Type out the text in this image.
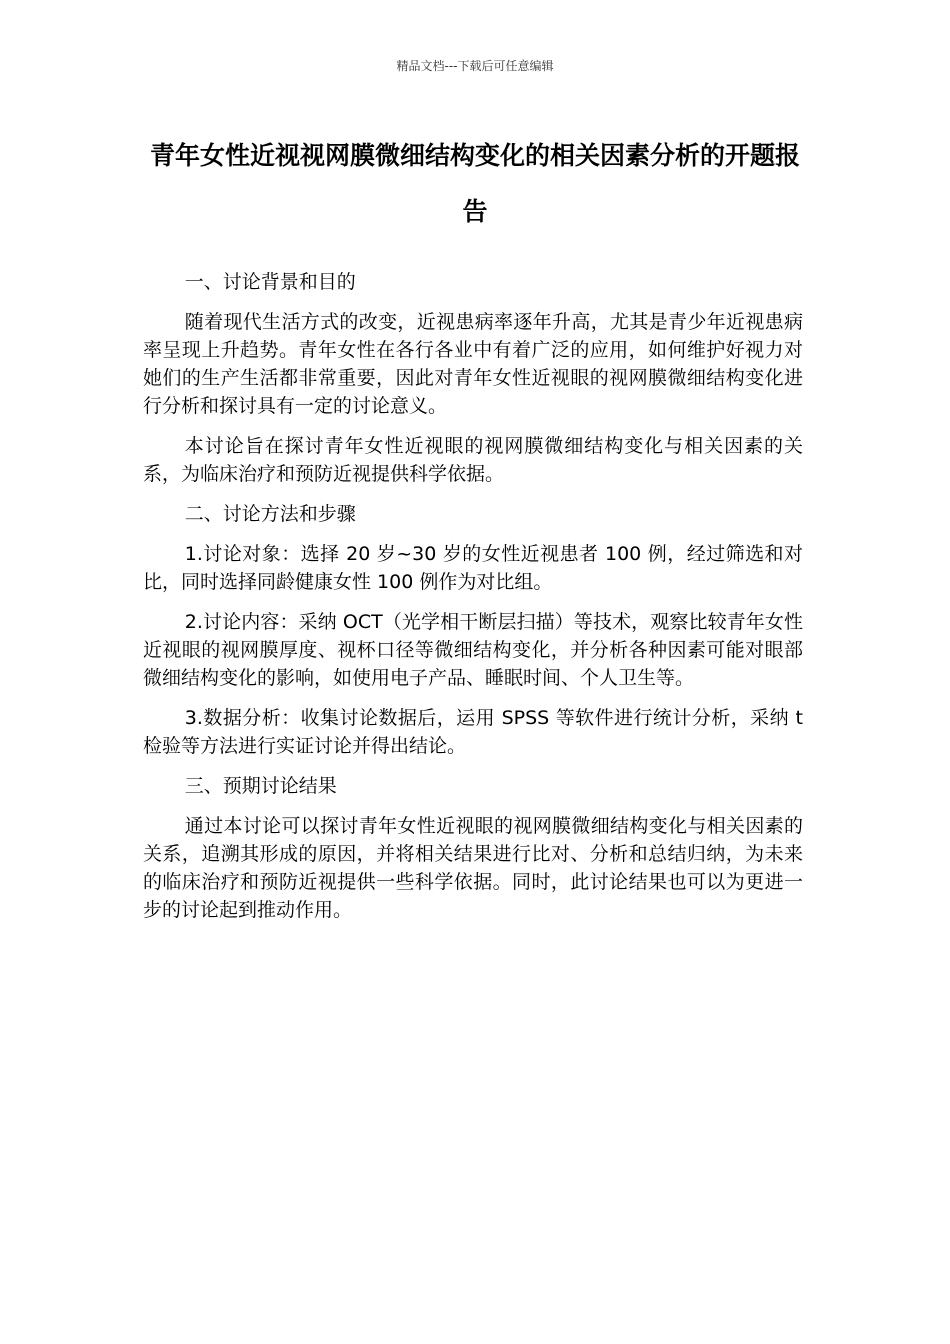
精品文档---下载后可任意编辑
青年女性近视视网膜微细结构变化的相关因素分析的开题报告

一、讨论背景和目的

随着现代生活方式的改变，近视患病率逐年升高，尤其是青少年近视患病率呈现上升趋势。青年女性在各行各业中有着广泛的应用，如何维护好视力对她们的生产生活都非常重要，因此对青年女性近视眼的视网膜微细结构变化进行分析和探讨具有一定的讨论意义。

本讨论旨在探讨青年女性近视眼的视网膜微细结构变化与相关因素的关系，为临床治疗和预防近视提供科学依据。

二、讨论方法和步骤

1.讨论对象：选择 20 岁~30 岁的女性近视患者 100 例，经过筛选和对比，同时选择同龄健康女性 100 例作为对比组。

2.讨论内容：采纳 OCT（光学相干断层扫描）等技术，观察比较青年女性近视眼的视网膜厚度、视杯口径等微细结构变化，并分析各种因素可能对眼部微细结构变化的影响，如使用电子产品、睡眠时间、个人卫生等。

3.数据分析：收集讨论数据后，运用 SPSS 等软件进行统计分析，采纳 t 检验等方法进行实证讨论并得出结论。

三、预期讨论结果

通过本讨论可以探讨青年女性近视眼的视网膜微细结构变化与相关因素的关系，追溯其形成的原因，并将相关结果进行比对、分析和总结归纳，为未来的临床治疗和预防近视提供一些科学依据。同时，此讨论结果也可以为更进一步的讨论起到推动作用。
